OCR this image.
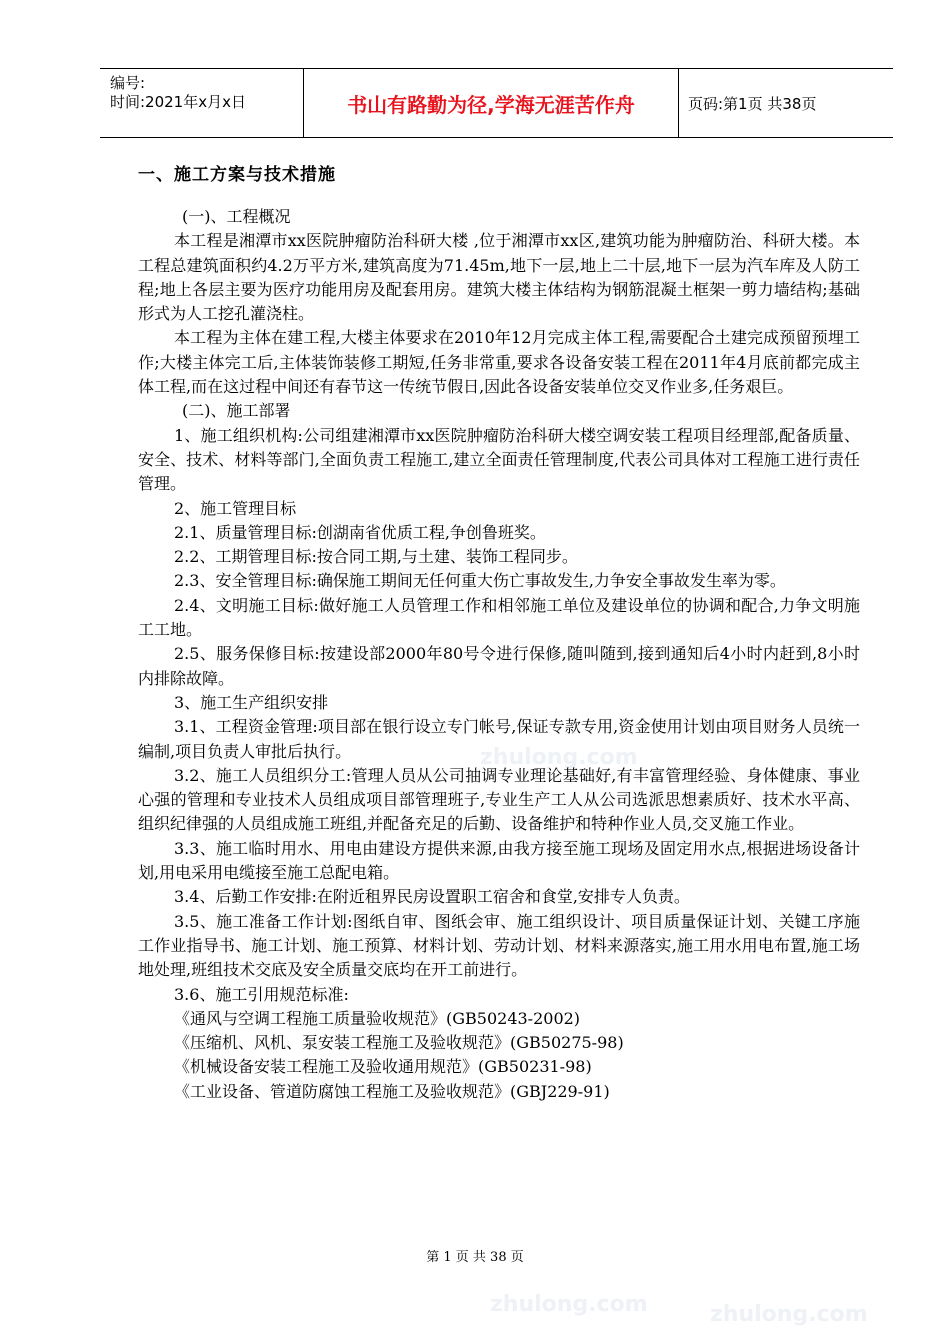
编号:
时间:2021年x月x日	书山有路勤为径,学海无涯苦作舟	页码:第1页 共38页
一、施工方案与技术措施
zhulong.com
zhulong.com	zhulong.com

(一)、工程概况

本工程是湘潭市xx医院肿瘤防治科研大楼 ,位于湘潭市xx区,建筑功能为肿瘤防治、科研大楼。本工程总建筑面积约4.2万平方米,建筑高度为71.45m,地下一层,地上二十层,地下一层为汽车库及人防工程;地上各层主要为医疗功能用房及配套用房。建筑大楼主体结构为钢筋混凝土框架一剪力墙结构;基础形式为人工挖孔灌浇柱。

本工程为主体在建工程,大楼主体要求在2010年12月完成主体工程,需要配合土建完成预留预埋工作;大楼主体完工后,主体装饰装修工期短,任务非常重,要求各设备安装工程在2011年4月底前都完成主体工程,而在这过程中间还有春节这一传统节假日,因此各设备安装单位交叉作业多,任务艰巨。

(二)、施工部署

1、施工组织机构:公司组建湘潭市xx医院肿瘤防治科研大楼空调安装工程项目经理部,配备质量、安全、技术、材料等部门,全面负责工程施工,建立全面责任管理制度,代表公司具体对工程施工进行责任管理。

2、施工管理目标

2.1、质量管理目标:创湖南省优质工程,争创鲁班奖。

2.2、工期管理目标:按合同工期,与土建、装饰工程同步。

2.3、安全管理目标:确保施工期间无任何重大伤亡事故发生,力争安全事故发生率为零。

2.4、文明施工目标:做好施工人员管理工作和相邻施工单位及建设单位的协调和配合,力争文明施工工地。

2.5、服务保修目标:按建设部2000年80号令进行保修,随叫随到,接到通知后4小时内赶到,8小时内排除故障。

3、施工生产组织安排

3.1、工程资金管理:项目部在银行设立专门帐号,保证专款专用,资金使用计划由项目财务人员统一编制,项目负责人审批后执行。

3.2、施工人员组织分工:管理人员从公司抽调专业理论基础好,有丰富管理经验、身体健康、事业心强的管理和专业技术人员组成项目部管理班子,专业生产工人从公司选派思想素质好、技术水平高、组织纪律强的人员组成施工班组,并配备充足的后勤、设备维护和特种作业人员,交叉施工作业。

3.3、施工临时用水、用电由建设方提供来源,由我方接至施工现场及固定用水点,根据进场设备计划,用电采用电缆接至施工总配电箱。

3.4、后勤工作安排:在附近租界民房设置职工宿舍和食堂,安排专人负责。

3.5、施工准备工作计划:图纸自审、图纸会审、施工组织设计、项目质量保证计划、关键工序施工作业指导书、施工计划、施工预算、材料计划、劳动计划、材料来源落实,施工用水用电布置,施工场地处理,班组技术交底及安全质量交底均在开工前进行。

3.6、施工引用规范标准:

《通风与空调工程施工质量验收规范》(GB50243-2002)

《压缩机、风机、泵安装工程施工及验收规范》(GB50275-98)

《机械设备安装工程施工及验收通用规范》(GB50231-98)

《工业设备、管道防腐蚀工程施工及验收规范》(GBJ229-91)

第 1 页 共 38 页
